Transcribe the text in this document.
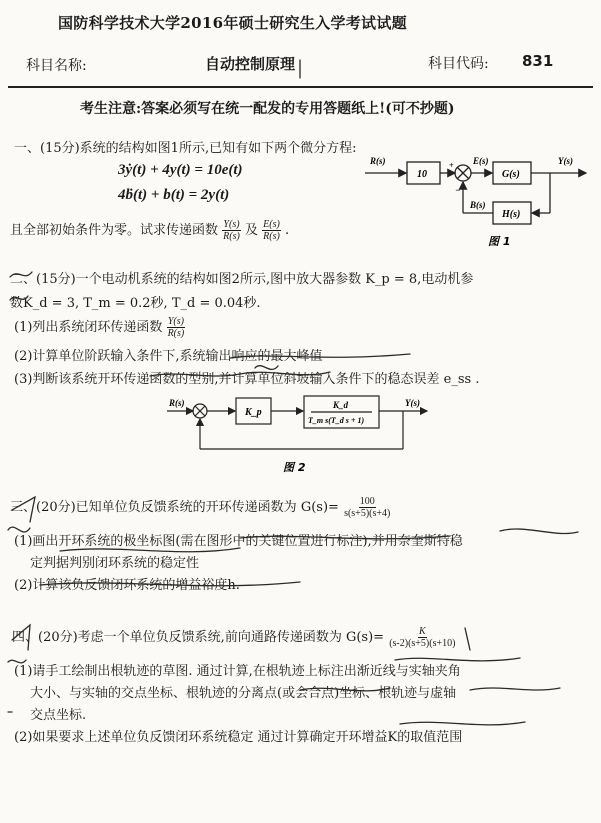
国防科学技术大学2016年硕士研究生入学考试试题
科目名称:	自动控制原理	科目代码: 831
考生注意:答案必须写在统一配发的专用答题纸上!(可不抄题)
一、(15分)系统的结构如图1所示,已知有如下两个微分方程:
3ẏ(t) + 4y(t) = 10e(t)
4ḃ(t) + b(t) = 2y(t)
且全部初始条件为零。试求传递函数 $\frac{Y(s)}{R(s)}$ 及 $\frac{E(s)}{R(s)}$ .
R(s)
10
+
−
E(s)
G(s)
H(s)
B(s)
Y(s)
图 1
二、(15分)一个电动机系统的结构如图2所示,图中放大器参数 K_p = 8,电动机参
数K_d = 3, T_m = 0.2秒, T_d = 0.04秒.
(1)列出系统闭环传递函数 $\frac{Y(s)}{R(s)}$
(2)计算单位阶跃输入条件下,系统输出响应的最大峰值
(3)判断该系统开环传递函数的型别,并计算单位斜坡输入条件下的稳态误差 e_ss .
R(s)
K_p
K_d
T_m s(T_d s + 1)
Y(s)
图 2
三、(20分)已知单位负反馈系统的开环传递函数为 $G(s)= \frac{100}{s(s+5)(s+4)}$
(1)画出开环系统的极坐标图(需在图形中的关键位置进行标注),并用奈奎斯特稳
定判据判别闭环系统的稳定性
(2)计算该负反馈闭环系统的增益裕度h.
四、(20分)考虑一个单位负反馈系统,前向通路传递函数为 $G(s)= \frac{K}{(s-2)(s+5)(s+10)}$
(1)请手工绘制出根轨迹的草图. 通过计算,在根轨迹上标注出渐近线与实轴夹角
大小、与实轴的交点坐标、根轨迹的分离点(或会合点)坐标、根轨迹与虚轴
交点坐标.
(2)如果要求上述单位负反馈闭环系统稳定 通过计算确定开环增益K的取值范围
